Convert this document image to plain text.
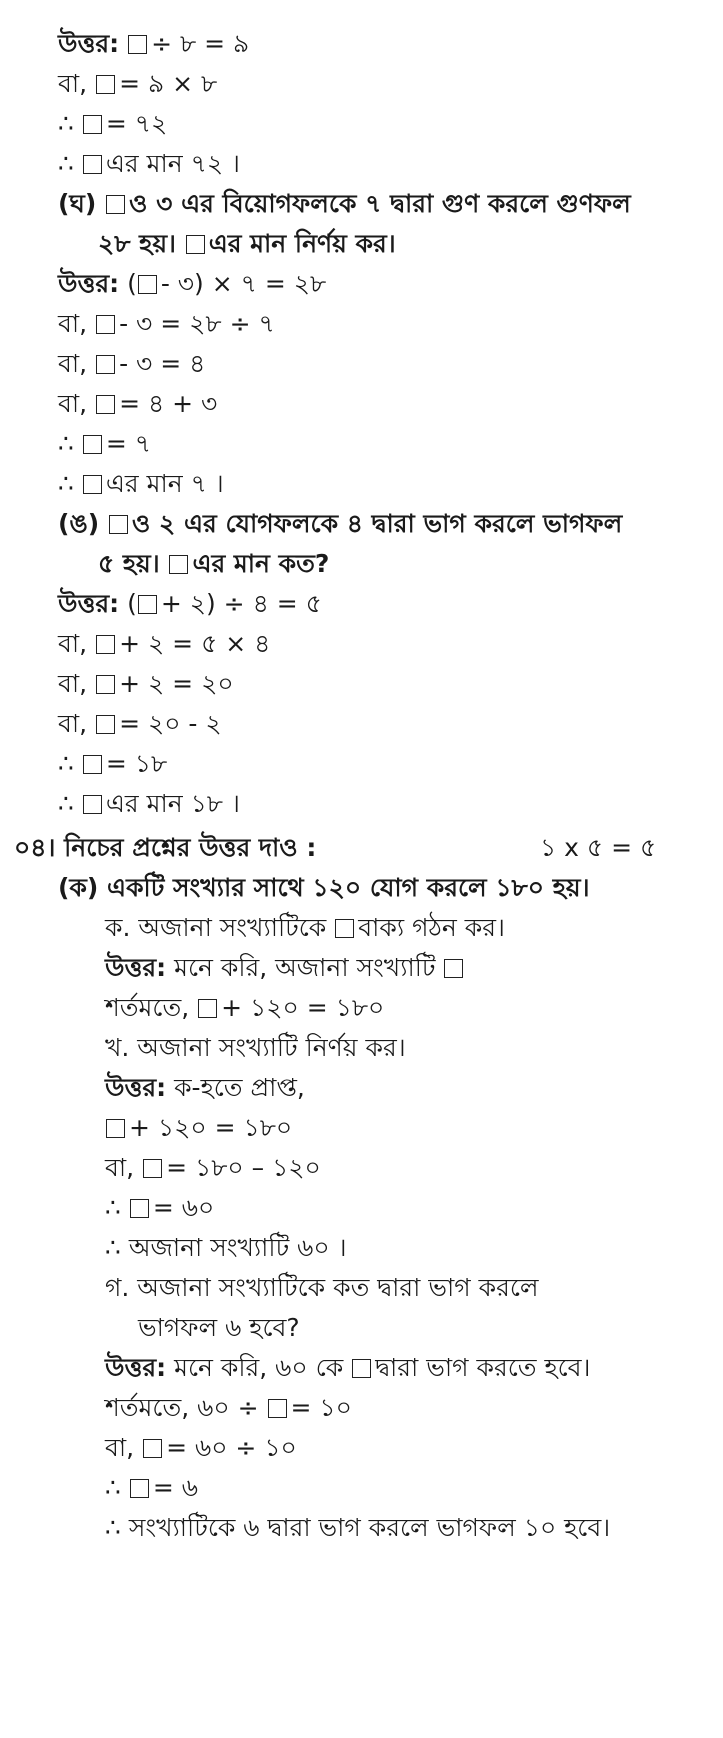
উত্তর: ÷ ৮ = ৯
বা, = ৯ × ৮
∴ = ৭২
∴ এর মান ৭২ ।
(ঘ) ও ৩ এর বিয়োগফলকে ৭ দ্বারা গুণ করলে গুণফল
২৮ হয়। এর মান নির্ণয় কর।
উত্তর: ( - ৩) × ৭ = ২৮
বা, - ৩ = ২৮ ÷ ৭
বা, - ৩ = ৪
বা, = ৪ + ৩
∴ = ৭
∴ এর মান ৭ ।
(ঙ) ও ২ এর যোগফলকে ৪ দ্বারা ভাগ করলে ভাগফল
৫ হয়। এর মান কত?
উত্তর: ( + ২) ÷ ৪ = ৫
বা, + ২ = ৫ × ৪
বা, + ২ = ২০
বা, = ২০ - ২
∴ = ১৮
∴ এর মান ১৮ ।
০৪। নিচের প্রশ্নের উত্তর দাও :	১ x ৫ = ৫
(ক) একটি সংখ্যার সাথে ১২০ যোগ করলে ১৮০ হয়।
ক. অজানা সংখ্যাটিকে বাক্য গঠন কর।
উত্তর: মনে করি, অজানা সংখ্যাটি
শর্তমতে, + ১২০ = ১৮০
খ. অজানা সংখ্যাটি নির্ণয় কর।
উত্তর: ক-হতে প্রাপ্ত,
+ ১২০ = ১৮০
বা, = ১৮০ – ১২০
∴ = ৬০
∴ অজানা সংখ্যাটি ৬০ ।
গ. অজানা সংখ্যাটিকে কত দ্বারা ভাগ করলে
ভাগফল ৬ হবে?
উত্তর: মনে করি, ৬০ কে দ্বারা ভাগ করতে হবে।
শর্তমতে, ৬০ ÷ = ১০
বা, = ৬০ ÷ ১০
∴ = ৬
∴ সংখ্যাটিকে ৬ দ্বারা ভাগ করলে ভাগফল ১০ হবে।
